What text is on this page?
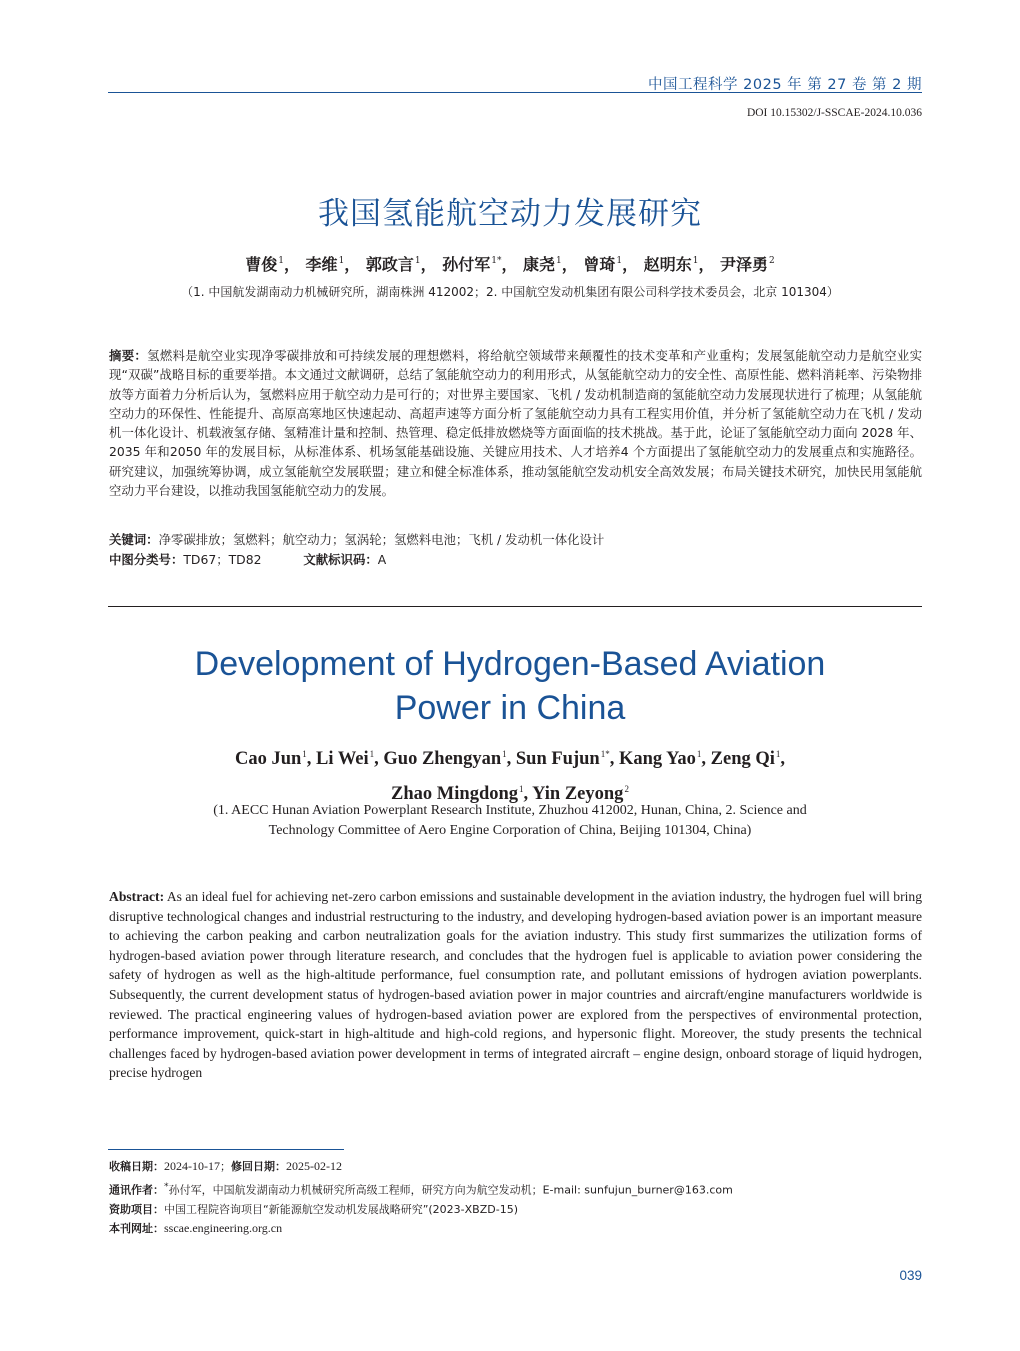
中国工程科学 2025 年 第 27 卷 第 2 期
DOI 10.15302/J-SSCAE-2024.10.036
我国氢能航空动力发展研究
曹俊$^1$， 李维$^1$， 郭政言$^1$， 孙付军$^{1*}$， 康尧$^1$， 曾琦$^1$， 赵明东$^1$， 尹泽勇$^2$
（1. 中国航发湖南动力机械研究所，湖南株洲 412002；2. 中国航空发动机集团有限公司科学技术委员会，北京 101304）
摘要：氢燃料是航空业实现净零碳排放和可持续发展的理想燃料，将给航空领域带来颠覆性的技术变革和产业重构；发展氢能航空动力是航空业实现“双碳”战略目标的重要举措。本文通过文献调研，总结了氢能航空动力的利用形式，从氢能航空动力的安全性、高原性能、燃料消耗率、污染物排放等方面着力分析后认为，氢燃料应用于航空动力是可行的；对世界主要国家、飞机 / 发动机制造商的氢能航空动力发展现状进行了梳理；从氢能航空动力的环保性、性能提升、高原高寒地区快速起动、高超声速等方面分析了氢能航空动力具有工程实用价值，并分析了氢能航空动力在飞机 / 发动机一体化设计、机载液氢存储、氢精准计量和控制、热管理、稳定低排放燃烧等方面面临的技术挑战。基于此，论证了氢能航空动力面向 2028 年、2035 年和2050 年的发展目标，从标准体系、机场氢能基础设施、关键应用技术、人才培养4 个方面提出了氢能航空动力的发展重点和实施路径。研究建议，加强统筹协调，成立氢能航空发展联盟；建立和健全标准体系，推动氢能航空发动机安全高效发展；布局关键技术研究，加快民用氢能航空动力平台建设，以推动我国氢能航空动力的发展。
关键词：净零碳排放；氢燃料；航空动力；氢涡轮；氢燃料电池；飞机 / 发动机一体化设计
中图分类号：TD67；TD82	文献标识码：A
Development of Hydrogen-Based Aviation
Power in China
Cao Jun$^1$, Li Wei$^1$, Guo Zhengyan$^1$, Sun Fujun$^{1*}$, Kang Yao$^1$, Zeng Qi$^1$,
Zhao Mingdong$^1$, Yin Zeyong$^2$
(1. AECC Hunan Aviation Powerplant Research Institute, Zhuzhou 412002, Hunan, China, 2. Science and
Technology Committee of Aero Engine Corporation of China, Beijing 101304, China)
Abstract: As an ideal fuel for achieving net-zero carbon emissions and sustainable development in the aviation industry, the hydrogen fuel will bring disruptive technological changes and industrial restructuring to the industry, and developing hydrogen-based aviation power is an important measure to achieving the carbon peaking and carbon neutralization goals for the aviation industry. This study first summarizes the utilization forms of hydrogen-based aviation power through literature research, and concludes that the hydrogen fuel is applicable to aviation power considering the safety of hydrogen as well as the high-altitude performance, fuel consumption rate, and pollutant emissions of hydrogen aviation powerplants. Subsequently, the current development status of hydrogen-based aviation power in major countries and aircraft/engine manufacturers worldwide is reviewed. The practical engineering values of hydrogen-based aviation power are explored from the perspectives of environmental protection, performance improvement, quick-start in high-altitude and high-cold regions, and hypersonic flight. Moreover, the study presents the technical challenges faced by hydrogen-based aviation power development in terms of integrated aircraft – engine design, onboard storage of liquid hydrogen, precise hydrogen
收稿日期：2024-10-17；修回日期：2025-02-12
通讯作者：*孙付军，中国航发湖南动力机械研究所高级工程师，研究方向为航空发动机；E-mail: sunfujun_burner@163.com
资助项目：中国工程院咨询项目“新能源航空发动机发展战略研究”(2023-XBZD-15)
本刊网址：sscae.engineering.org.cn
039
